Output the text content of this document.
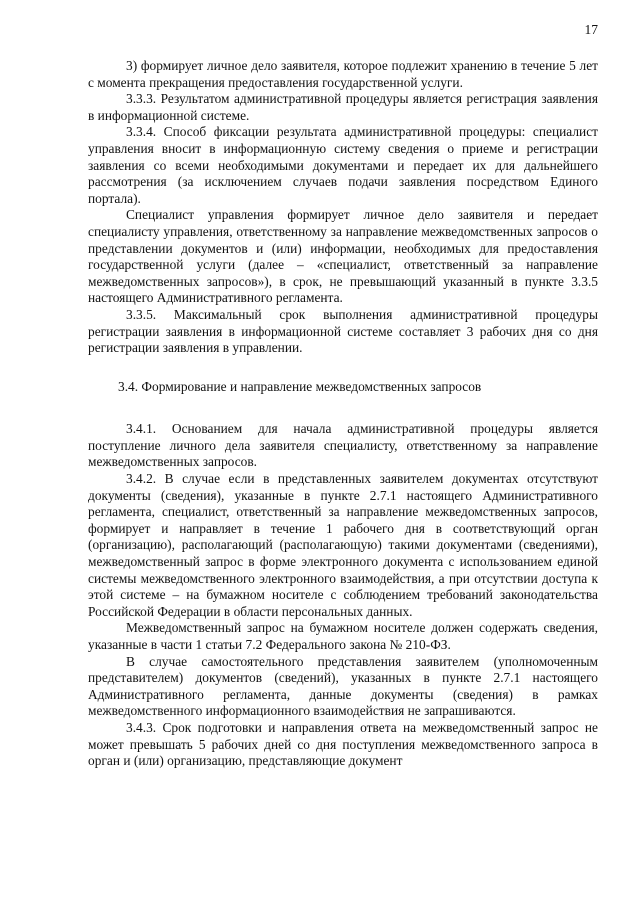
17

3) формирует личное дело заявителя, которое подлежит хранению в течение 5 лет с момента прекращения предоставления государственной услуги.

3.3.3. Результатом административной процедуры является регистрация заявления в информационной системе.

3.3.4. Способ фиксации результата административной процедуры: специалист управления вносит в информационную систему сведения о приеме и регистрации заявления со всеми необходимыми документами и передает их для дальнейшего рассмотрения (за исключением случаев подачи заявления посредством Единого портала).

Специалист управления формирует личное дело заявителя и передает специалисту управления, ответственному за направление межведомственных запросов о представлении документов и (или) информации, необходимых для предоставления государственной услуги (далее – «специалист, ответственный за направление межведомственных запросов»), в срок, не превышающий указанный в пункте 3.3.5 настоящего Административного регламента.

3.3.5. Максимальный срок выполнения административной процедуры регистрации заявления в информационной системе составляет 3 рабочих дня со дня регистрации заявления в управлении.

3.4. Формирование и направление межведомственных запросов

3.4.1. Основанием для начала административной процедуры является поступление личного дела заявителя специалисту, ответственному за направление межведомственных запросов.

3.4.2. В случае если в представленных заявителем документах отсутствуют документы (сведения), указанные в пункте 2.7.1 настоящего Административного регламента, специалист, ответственный за направление межведомственных запросов, формирует и направляет в течение 1 рабочего дня в соответствующий орган (организацию), располагающий (располагающую) такими документами (сведениями), межведомственный запрос в форме электронного документа с использованием единой системы межведомственного электронного взаимодействия, а при отсутствии доступа к этой системе – на бумажном носителе с соблюдением требований законодательства Российской Федерации в области персональных данных.

Межведомственный запрос на бумажном носителе должен содержать сведения, указанные в части 1 статьи 7.2 Федерального закона № 210-ФЗ.

В случае самостоятельного представления заявителем (уполномоченным представителем) документов (сведений), указанных в пункте 2.7.1 настоящего Административного регламента, данные документы (сведения) в рамках межведомственного информационного взаимодействия не запрашиваются.

3.4.3. Срок подготовки и направления ответа на межведомственный запрос не может превышать 5 рабочих дней со дня поступления межведомственного запроса в орган и (или) организацию, представляющие документ
